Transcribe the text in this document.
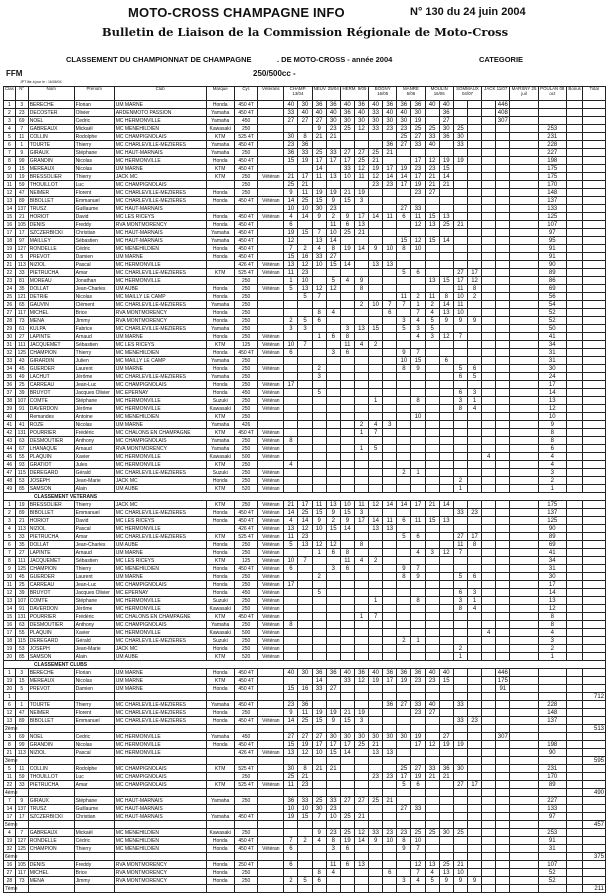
MOTO-CROSS CHAMPAGNE INFO	N° 130 du 24 juin 2004
Bulletin de Liaison de la Commission Régionale de Moto-Cross
CLASSEMENT DU CHAMPIONNAT DE CHAMPAGNE	. DE MOTO-CROSS - année 2004	CATEGORIE
FFM	250/500cc -
JPT lite à jour le : 16/06/04
Clas	N°	Nom	Prénom	Club	Marque	Cyl.	Vétérans	CHAMP. 13/04		NEUV. 25/04		HERM. 9/05		BOGNY 16/05		MANRE 6/06		MOULIN 16/06		SOMMAUX 04/07		JACK 11/07		MARSNY 25 juil	POULAN 08 oct	Bonus	Total
1	3	BERECHE	Florian	UM MARNE	Honda	450 4T		40	30	36	36	40	36	40	36	36	36	40	40				446				
2	23	DECOSTER	Olivier	ARDENMOTO PASSION	Yamaha	450 4T		33	40	40	40	36	40	33	40	40	30		36				408				
3	69	NOEL	Cedric	MC HERMONVILLE	Yamaha	450		27	27	27	30	30	30	30	30	30	19		27				307				
4	7	GABREAUX	Mickaël	MC MENEHILDIEN	Kawasaki	250				9	23	25	12	33	23	23	25	25	30	25					253		
5	11	COLLIN	Rodolphe	MC CHAMPIGNOLAIS	KTM	525 4T		30	8	21	21					25	27	33	36	30					231		
6	1	TOURTE	Thierry	MC CHARLEVILLE-MEZIERES	Yamaha	450 4T		23	36						36	27	33	40		33					228		
7	9	GIRAUX	Stéphane	MC HAUT-MARNAIS	Yamaha	250		36	33	25	33	27	27	25	21										227		
8	99	GRANDIN	Nicolas	MC HERMONVILLE	Honda	450 4T		15	19	17	17	17	25	21			17	12	19	19					198		
9	15	MEREAUX	Nicolas	UM MARNE	KTM	450 4T				14		33	12	19	17	19	23	23	15						175		
10	19	BRESSOLIER	Thierry	JACK MC	KTM	250	Vétéran	21	17	11	13	10	11	12	14	14	17	21	14						175		
11	59	THOUILLOT	Luc	MC CHAMPIGNOLAIS		250		25	21					23	23	17	19	21	21						170		
12	47	NEIMER	Florent	MC CHARLEVILLE-MEZIERES	Honda	250		9	11	19	19	21	19				23	27							148		
13	89	BIBOLLET	Emmanuel	MC CHARLEVILLE-MEZIERES	Honda	450 4T	Vétéran	14	25	15	9	15	3												137		
14	137	TRUSZ	Guillaume	MC HAUT-MARNAIS				10	10	30	23					27	33								133		
15	21	HORIOT	David	MC LES RICEYS	Honda	450 4T	Vétéran	4	14	9	2	9	17	14	11	6	11	15	13						125		
16	105	DENIS	Freddy	RVA MONTMORENCY	Honda	450 4T		6			11	6	13				12	13	25	21					107		
17	17	SZCZERBICKI	Christian	MC HAUT-MARNAIS	Yamaha	450 4T		19	15	7	10	25	21												97		
18	97	MAILLEY	Sébastien	MC HAUT-MARNAIS	Yamaha	450 4T		12		13	14					15	12	15	14						95		
19	127	RONDELLE	Cédric	MC MENEHILDIEN	Honda	450 4T		7	2	4	8	19	14	9	10	8	10								91		
20	5	PREVOT	Damien	UM MARNE	Honda	450 4T		15	16	33	27														91		
21	113	NIZIOL	Pascal	MC HERMONVILLE		426 4T	Vétéran	13	12	10	15	14		13	13										90		
22	33	PIETRUCHA	Amar	MC CHARLEVILLE-MEZIERES	KTM	525 4T	Vétéran	11	23							5	6			27	17				89		
23	81	MOREAU	Jonathan	MC HERMONVILLE		250		1	10		5	4	9					13	15	17	12				86		
24	35	DOLLAT	Jean-Charles	UM AUBE	Honda	250	Vétéran	5	13	12	12		8							11	8				69		
25	121	DETRIE	Nicolas	MC MAILLY LE CAMP	Honda	250			5	7						11	2	11	8	10	2				56		
26	65	GAUVIN	Clément	MC CHARLEVILLE-MEZIERES	Yamaha	250							2	10	7	7	1	2	14	11					54		
27	117	MICHEL	Brice	RVA MONTMORENCY	Honda	250				8	4				6		7	4	13	10					52		
28	73	MENA	Jimmy	RVA MONTMORENCY	Honda	250		2	5	6						3	4	5	9	9	9				52		
29	61	KULPA	Fabrice	MC CHARLEVILLE-MEZIERES	Yamaha	250		3	3			3	13	15		5	3	5							50		
30	27	LAPINTE	Arnaud	UM MARNE	Honda	250	Vétéran			1	6	8					4	3	12	7					41		
31	111	JACQUEMET	Sébastien	MC LES RICEYS	KTM	125	Vétéran	10	7			11	4	2											34		
32	125	CHAMPION	Thierry	MC MENEHILDIEN	Honda	450 4T	Vétéran	6			3	6				9	7								31		
33	43	GIRARDIN	Julien	MC MAILLY LE CAMP	Yamaha	250										10	15		6						31		
34	45	GUERDER	Laurent	UM MARNE	Honda	250	Vétéran			2						8	9			5	6				30		
35	49	LACHUT	Jérôme	MC CHARLEVILLE-MEZIERES	Yamaha	250				3										6	5				24		
36	25	CARREAU	Jean-Luc	MC CHAMPIGNOLAIS	Honda	250	Vétéran	17																	17		
37	39	BRUYOT	Jacques Olivier	MC EPERNAY	Honda	450	Vétéran			5										6	3				14		
38	107	COMTE	Stéphane	MC HERMONVILLE	Suzuki	250	Vétéran							1			8			3	1				13		
39	91	DAVERDON	Jérôme	MC HERMONVILLE	Kawasaki	250	Vétéran													8	4				12		
40		Remandes	Antoine	MC MENEHILDIEN	KTM	250											10								10		
41	41	ROZE	Nicolas	UM MARNE	Yamaha	426							2	4	3										9		
42	131	POURRIER	Frédéric	MC CHALONS EN CHAMPAGNE	KTM	450 4T	Vétéran						1	7											8		
43	63	DESMOUTIER	Anthony	MC CHAMPIGNOLAIS	Yamaha	250	Vétéran	8																	8		
44	67	LHANAQUE	Arnaud	RVA MONTMORENCY	Yamaha	250	Vétéran						1	5											6		
45	55	PLAQUIN	Xavier	MC HERMONVILLE	Kawasaki	500	Vétéran															4			4		
46	93	GRATIOT	Jules	MC HERMONVILLE	KTM	250		4																	4		
47	115	DEREGARD	Gérald	MC CHARLEVILLE-MEZIERES	Suzuki	250	Vétéran									2	1								3		
48	53	JOSEPH	Jean-Marie	JACK MC	Honda	250	Vétéran													2					2		
49	85	SAMSON	Alain	UM AUBE	KTM	520	Vétéran													1					1		
CLASSEMENT VETERANS																											
1	19	BRESSOLIER	Thierry	JACK MC	KTM	250	Vétéran	21	17	11	13	10	11	12	14	14	17	21	14						175		
2	89	BIBOLLET	Emmanuel	MC CHARLEVILLE-MEZIERES	Honda	450 4T	Vétéran	14	25	15	9	15	3							33	23				137		
3	21	HORIOT	David	MC LES RICEYS	Honda	450 4T	Vétéran	4	14	9	2	9	17	14	11	6	11	15	13						125		
4	113	NIZIOL	Pascal	MC HERMONVILLE		426 4T	Vétéran	13	12	10	15	14		13	13										90		
5	33	PIETRUCHA	Amar	MC CHARLEVILLE-MEZIERES	KTM	525 4T	Vétéran	11	23							5	6			27	17				89		
6	35	DOLLAT	Jean-Charles	UM AUBE	Honda	250	Vétéran	5	13	12	12		8							11	8				69		
7	27	LAPINTE	Arnaud	UM MARNE	Honda	250	Vétéran			1	6	8					4	3	12	7					41		
8	111	JACQUEMET	Sébastien	MC LES RICEYS	KTM	125	Vétéran	10	7			11	4	2											34		
9	125	CHAMPION	Thierry	MC MENEHILDIEN	Honda	450 4T	Vétéran	6			3	6				9	7								31		
10	45	GUERDER	Laurent	UM MARNE	Honda	250	Vétéran			2						8	9			5	6				30		
11	25	CARREAU	Jean-Luc	MC CHAMPIGNOLAIS	Honda	250	Vétéran	17																	17		
12	39	BRUYOT	Jacques Olivier	MC EPERNAY	Honda	450	Vétéran			5										6	3				14		
13	107	COMTE	Stéphane	MC HERMONVILLE	Suzuki	250	Vétéran							1			8			3	1				13		
14	91	DAVERDON	Jérôme	MC HERMONVILLE	Kawasaki	250	Vétéran													8	4				12		
15	131	POURRIER	Frédéric	MC CHALONS EN CHAMPAGNE	KTM	450 4T	Vétéran						1	7											8		
16	63	DESMOUTIER	Anthony	MC CHAMPIGNOLAIS	Yamaha	250	Vétéran	8																	8		
17	55	PLAQUIN	Xavier	MC HERMONVILLE	Kawasaki	500	Vétéran															4			4		
18	115	DEREGARD	Gérald	MC CHARLEVILLE-MEZIERES	Suzuki	250	Vétéran									2	1								3		
19	53	JOSEPH	Jean-Marie	JACK MC	Honda	250	Vétéran													2					2		
20	85	SAMSON	Alain	UM AUBE	KTM	520	Vétéran													1					1		
CLASSEMENT CLUBS																											
1	3	BERECHE	Florian	UM MARNE	Honda	450 4T		40	30	36	36	40	36	40	36	36	36	40	40				446				
19	15	MEREAUX	Nicolas	UM MARNE	KTM	450 4T				14		33	12	19	17	19	23	23	15				175				
20	5	PREVOT	Damien	UM MARNE	Honda	450 4T		15	16	33	27												91				
1																											712
6	1	TOURTE	Thierry	MC CHARLEVILLE-MEZIERES	Yamaha	450 4T		23	36						36	27	33	40		33					228		
12	47	NEIMER	Florent	MC CHARLEVILLE-MEZIERES	Honda	250		9	11	19	19	21	19				23	27							148		
13	89	BIBOLLET	Emmanuel	MC CHARLEVILLE-MEZIERES	Honda	450 4T	Vétéran	14	25	15	9	15	3							33	23				137		
2ème																											513
3	69	NOEL	Cedric	MC HERMONVILLE	Yamaha	450		27	27	27	30	30	30	30	30	30	19		27				307				
8	99	GRANDIN	Nicolas	MC HERMONVILLE	Honda	450 4T		15	19	17	17	17	25	21			17	12	19	19					198		
21	113	NIZIOL	Pascal	MC HERMONVILLE		426 4T	Vétéran	13	12	10	15	14		13	13										90		
3ème																											595
5	11	COLLIN	Rodolphe	MC CHAMPIGNOLAIS	KTM	525 4T		30	8	21	21					25	27	33	36	30					231		
11	59	THOUILLOT	Luc	MC CHAMPIGNOLAIS		250		25	21					23	23	17	19	21	21						170		
22	33	PIETRUCHA	Amar	MC CHAMPIGNOLAIS	KTM	525 4T	Vétéran	11	23							5	6			27	17				89		
4ème																											490
7	9	GIRAUX	Stéphane	MC HAUT-MARNAIS	Yamaha	250		36	33	25	33	27	27	25	21										227		
14	137	TRUSZ	Guillaume	MC HAUT-MARNAIS				10	10	30	23					27	33								133		
17	17	SZCZERBICKI	Christian	MC HAUT-MARNAIS	Yamaha	450 4T		19	15	7	10	25	21												97		
5ème																											457
4	7	GABREAUX	Mickaël	MC MENEHILDIEN	Kawasaki	250				9	23	25	12	33	23	23	25	25	30	25					253		
19	127	RONDELLE	Cédric	MC MENEHILDIEN	Honda	450 4T		7	2	4	8	19	14	9	10	8	10								91		
32	125	CHAMPION	Thierry	MC MENEHILDIEN	Honda	450 4T	Vétéran	6			3	6				9	7								31		
6ème																											375
16	105	DENIS	Freddy	RVA MONTMORENCY	Honda	250 4T		6			11	6	13				12	13	25	21					107		
27	117	MICHEL	Brice	RVA MONTMORENCY	Honda	250				8	4				6		7	4	13	10					52		
28	73	MENA	Jimmy	RVA MONTMORENCY	Honda	250		2	5	6						3	4	5	9	9	9				52		
7ème																											211
